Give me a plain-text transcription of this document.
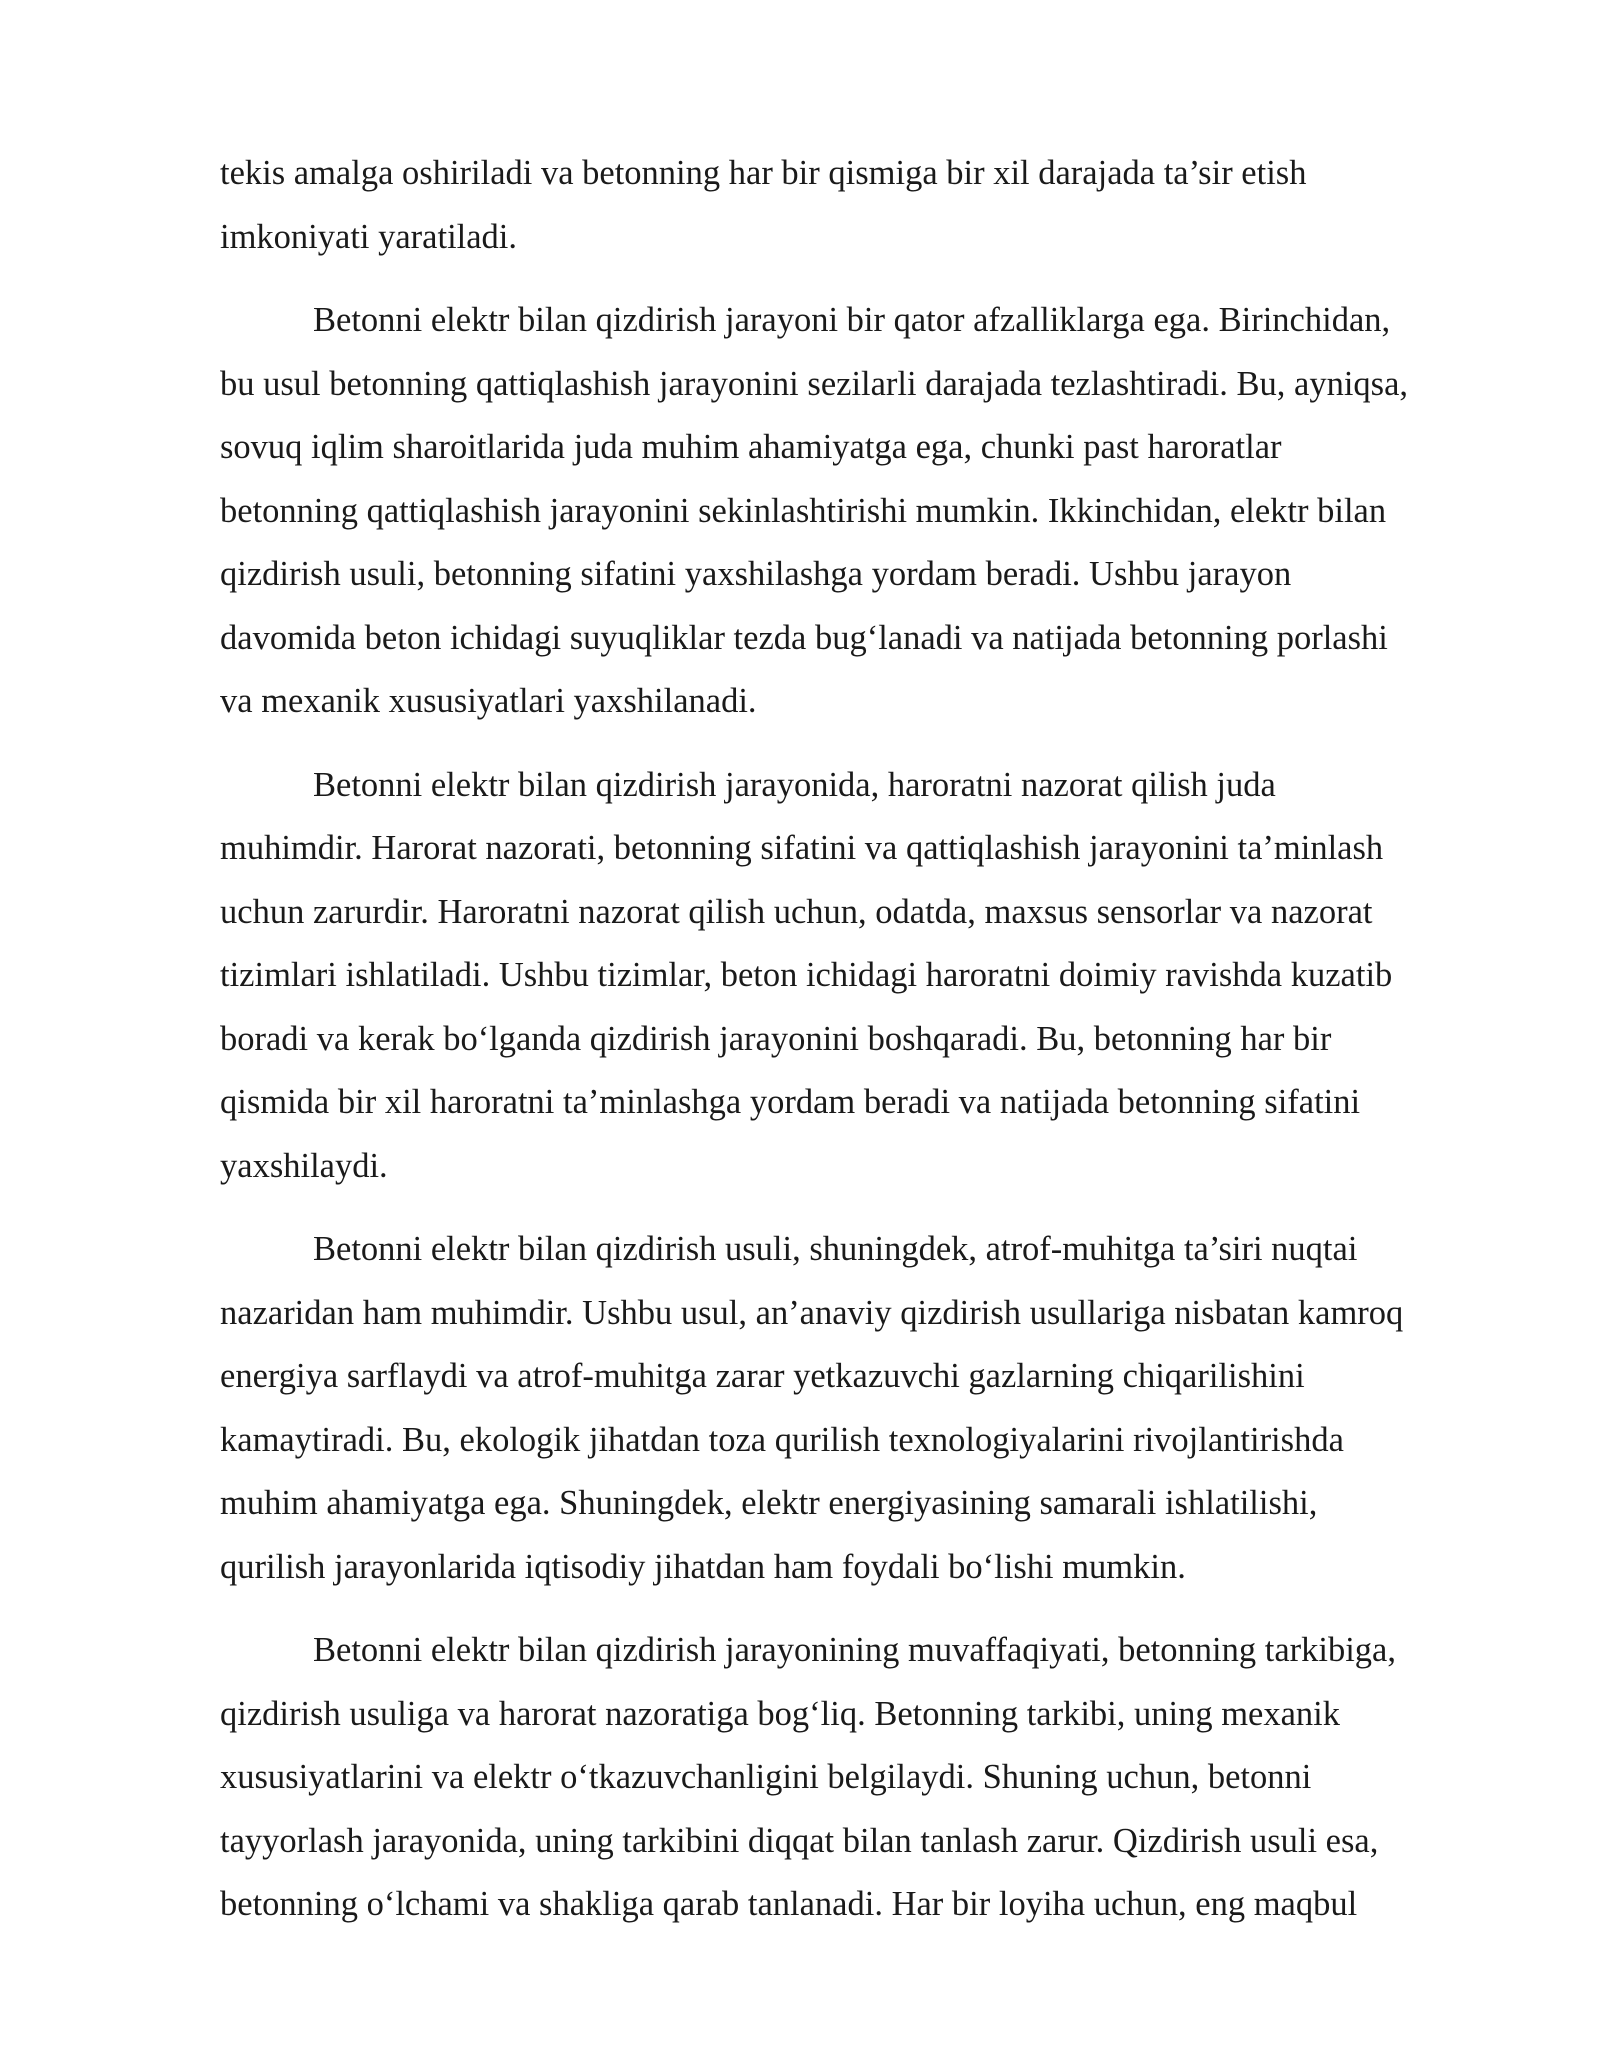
tekis amalga oshiriladi va betonning har bir qismiga bir xil darajada ta’sir etish
imkoniyati yaratiladi.
Betonni elektr bilan qizdirish jarayoni bir qator afzalliklarga ega. Birinchidan,
bu usul betonning qattiqlashish jarayonini sezilarli darajada tezlashtiradi. Bu, ayniqsa,
sovuq iqlim sharoitlarida juda muhim ahamiyatga ega, chunki past haroratlar
betonning qattiqlashish jarayonini sekinlashtirishi mumkin. Ikkinchidan, elektr bilan
qizdirish usuli, betonning sifatini yaxshilashga yordam beradi. Ushbu jarayon
davomida beton ichidagi suyuqliklar tezda bug‘lanadi va natijada betonning porlashi
va mexanik xususiyatlari yaxshilanadi.
Betonni elektr bilan qizdirish jarayonida, haroratni nazorat qilish juda
muhimdir. Harorat nazorati, betonning sifatini va qattiqlashish jarayonini ta’minlash
uchun zarurdir. Haroratni nazorat qilish uchun, odatda, maxsus sensorlar va nazorat
tizimlari ishlatiladi. Ushbu tizimlar, beton ichidagi haroratni doimiy ravishda kuzatib
boradi va kerak bo‘lganda qizdirish jarayonini boshqaradi. Bu, betonning har bir
qismida bir xil haroratni ta’minlashga yordam beradi va natijada betonning sifatini
yaxshilaydi.
Betonni elektr bilan qizdirish usuli, shuningdek, atrof-muhitga ta’siri nuqtai
nazaridan ham muhimdir. Ushbu usul, an’anaviy qizdirish usullariga nisbatan kamroq
energiya sarflaydi va atrof-muhitga zarar yetkazuvchi gazlarning chiqarilishini
kamaytiradi. Bu, ekologik jihatdan toza qurilish texnologiyalarini rivojlantirishda
muhim ahamiyatga ega. Shuningdek, elektr energiyasining samarali ishlatilishi,
qurilish jarayonlarida iqtisodiy jihatdan ham foydali bo‘lishi mumkin.
Betonni elektr bilan qizdirish jarayonining muvaffaqiyati, betonning tarkibiga,
qizdirish usuliga va harorat nazoratiga bog‘liq. Betonning tarkibi, uning mexanik
xususiyatlarini va elektr o‘tkazuvchanligini belgilaydi. Shuning uchun, betonni
tayyorlash jarayonida, uning tarkibini diqqat bilan tanlash zarur. Qizdirish usuli esa,
betonning o‘lchami va shakliga qarab tanlanadi. Har bir loyiha uchun, eng maqbul
